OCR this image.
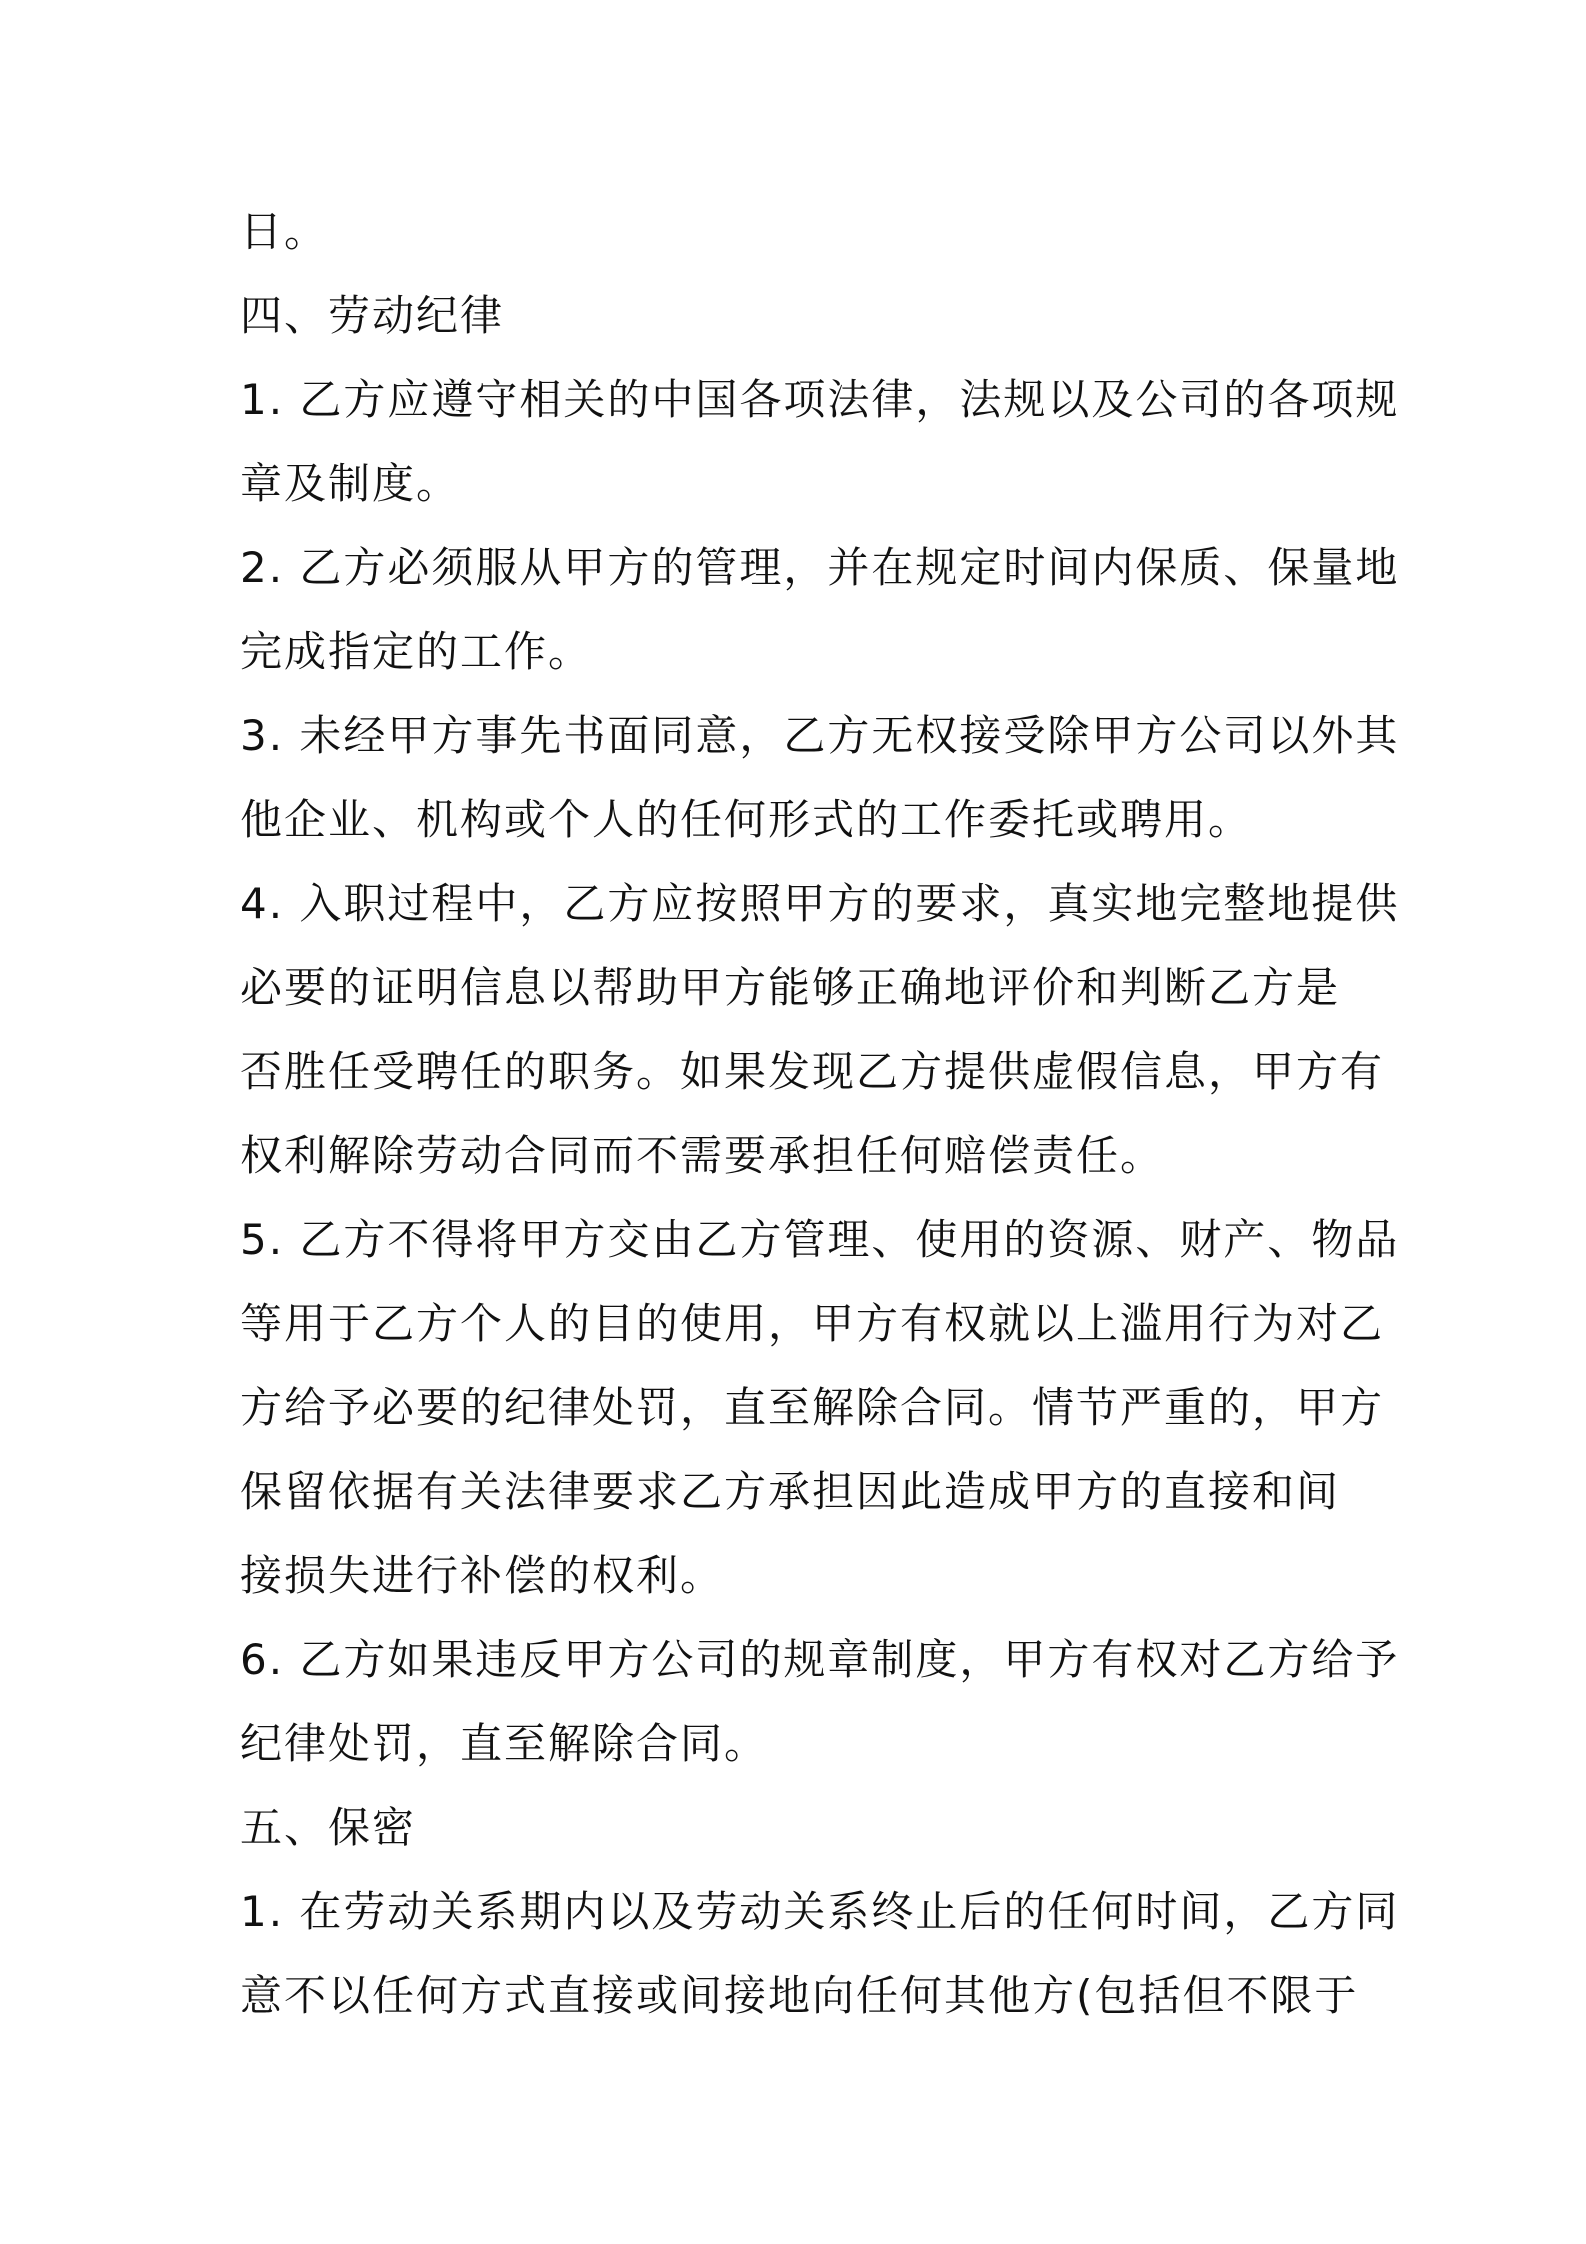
日。
四、劳动纪律
1. 乙方应遵守相关的中国各项法律，法规以及公司的各项规
章及制度。
2. 乙方必须服从甲方的管理，并在规定时间内保质、保量地
完成指定的工作。
3. 未经甲方事先书面同意，乙方无权接受除甲方公司以外其
他企业、机构或个人的任何形式的工作委托或聘用。
4. 入职过程中，乙方应按照甲方的要求，真实地完整地提供
必要的证明信息以帮助甲方能够正确地评价和判断乙方是
否胜任受聘任的职务。如果发现乙方提供虚假信息，甲方有
权利解除劳动合同而不需要承担任何赔偿责任。
5. 乙方不得将甲方交由乙方管理、使用的资源、财产、物品
等用于乙方个人的目的使用，甲方有权就以上滥用行为对乙
方给予必要的纪律处罚，直至解除合同。情节严重的，甲方
保留依据有关法律要求乙方承担因此造成甲方的直接和间
接损失进行补偿的权利。
6. 乙方如果违反甲方公司的规章制度，甲方有权对乙方给予
纪律处罚，直至解除合同。
五、保密
1. 在劳动关系期内以及劳动关系终止后的任何时间，乙方同
意不以任何方式直接或间接地向任何其他方(包括但不限于
